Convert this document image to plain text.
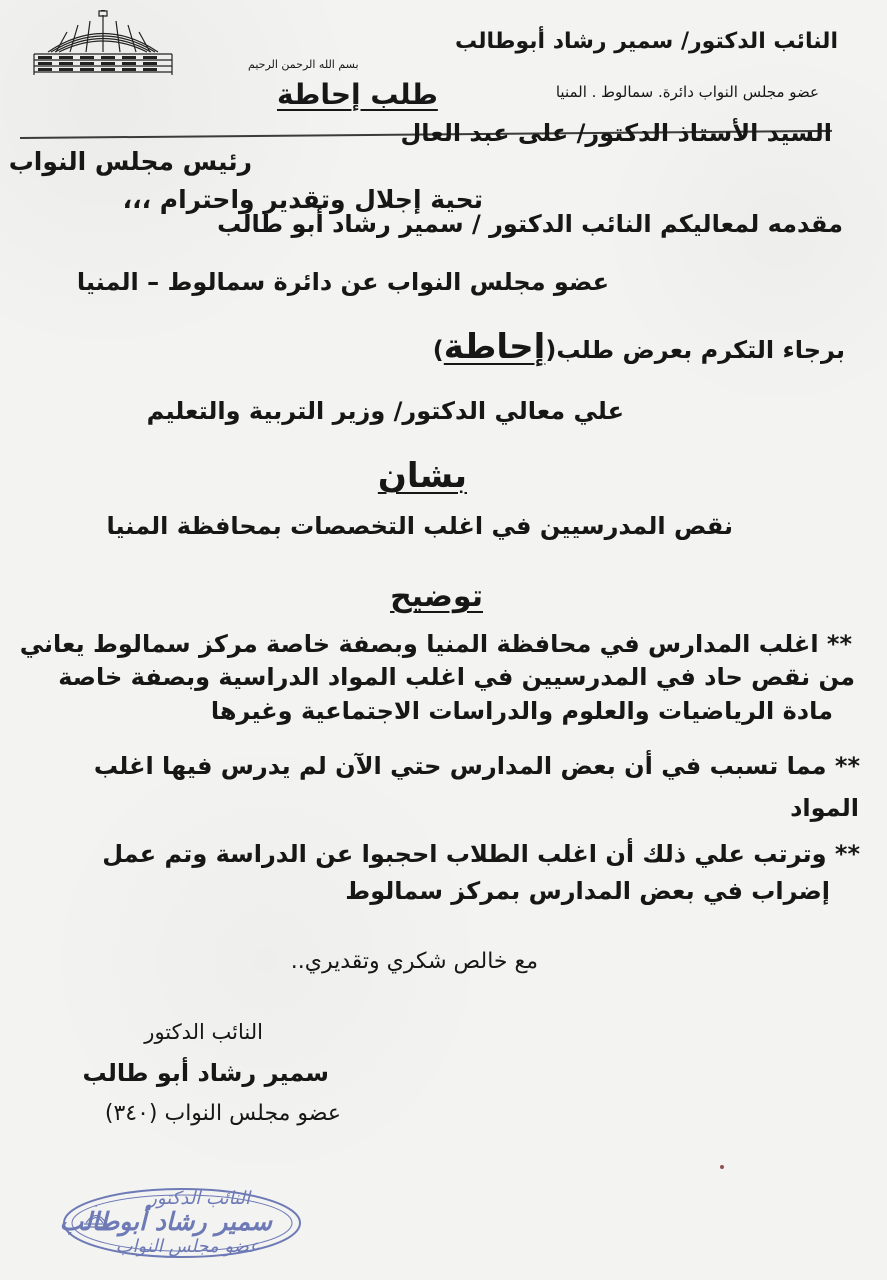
النائب الدكتور/ سمير رشاد أبوطالب
عضو مجلس النواب دائرة. سمالوط . المنيا
بسم الله الرحمن الرحيم
طلب إحاطة
السيد الأستاذ الدكتور/ على عبد العال
رئيس مجلس النواب
تحية إجلال وتقدير واحترام ،،،
مقدمه لمعاليكم النائب الدكتور / سمير رشاد أبو طالب
عضو مجلس النواب عن دائرة سمالوط – المنيا
برجاء التكرم بعرض طلب(إحاطة)
علي معالي الدكتور/ وزير التربية والتعليم
بشان
نقص المدرسيين في اغلب التخصصات بمحافظة المنيا
توضيح
** اغلب المدارس في محافظة المنيا وبصفة خاصة مركز سمالوط يعاني
من نقص حاد في المدرسيين في اغلب المواد الدراسية وبصفة خاصة
مادة الرياضيات والعلوم والدراسات الاجتماعية وغيرها
** مما تسبب في أن بعض المدارس حتي الآن لم يدرس فيها اغلب
المواد
** وترتب علي ذلك أن اغلب الطلاب احجبوا عن الدراسة وتم عمل
إضراب في بعض المدارس بمركز سمالوط
مع خالص شكري وتقديري..
النائب الدكتور
سمير رشاد أبو طالب
عضو مجلس النواب (٣٤٠)
النائب الدكتور
سمير رشاد أبوطالب
عضو مجلس النواب
